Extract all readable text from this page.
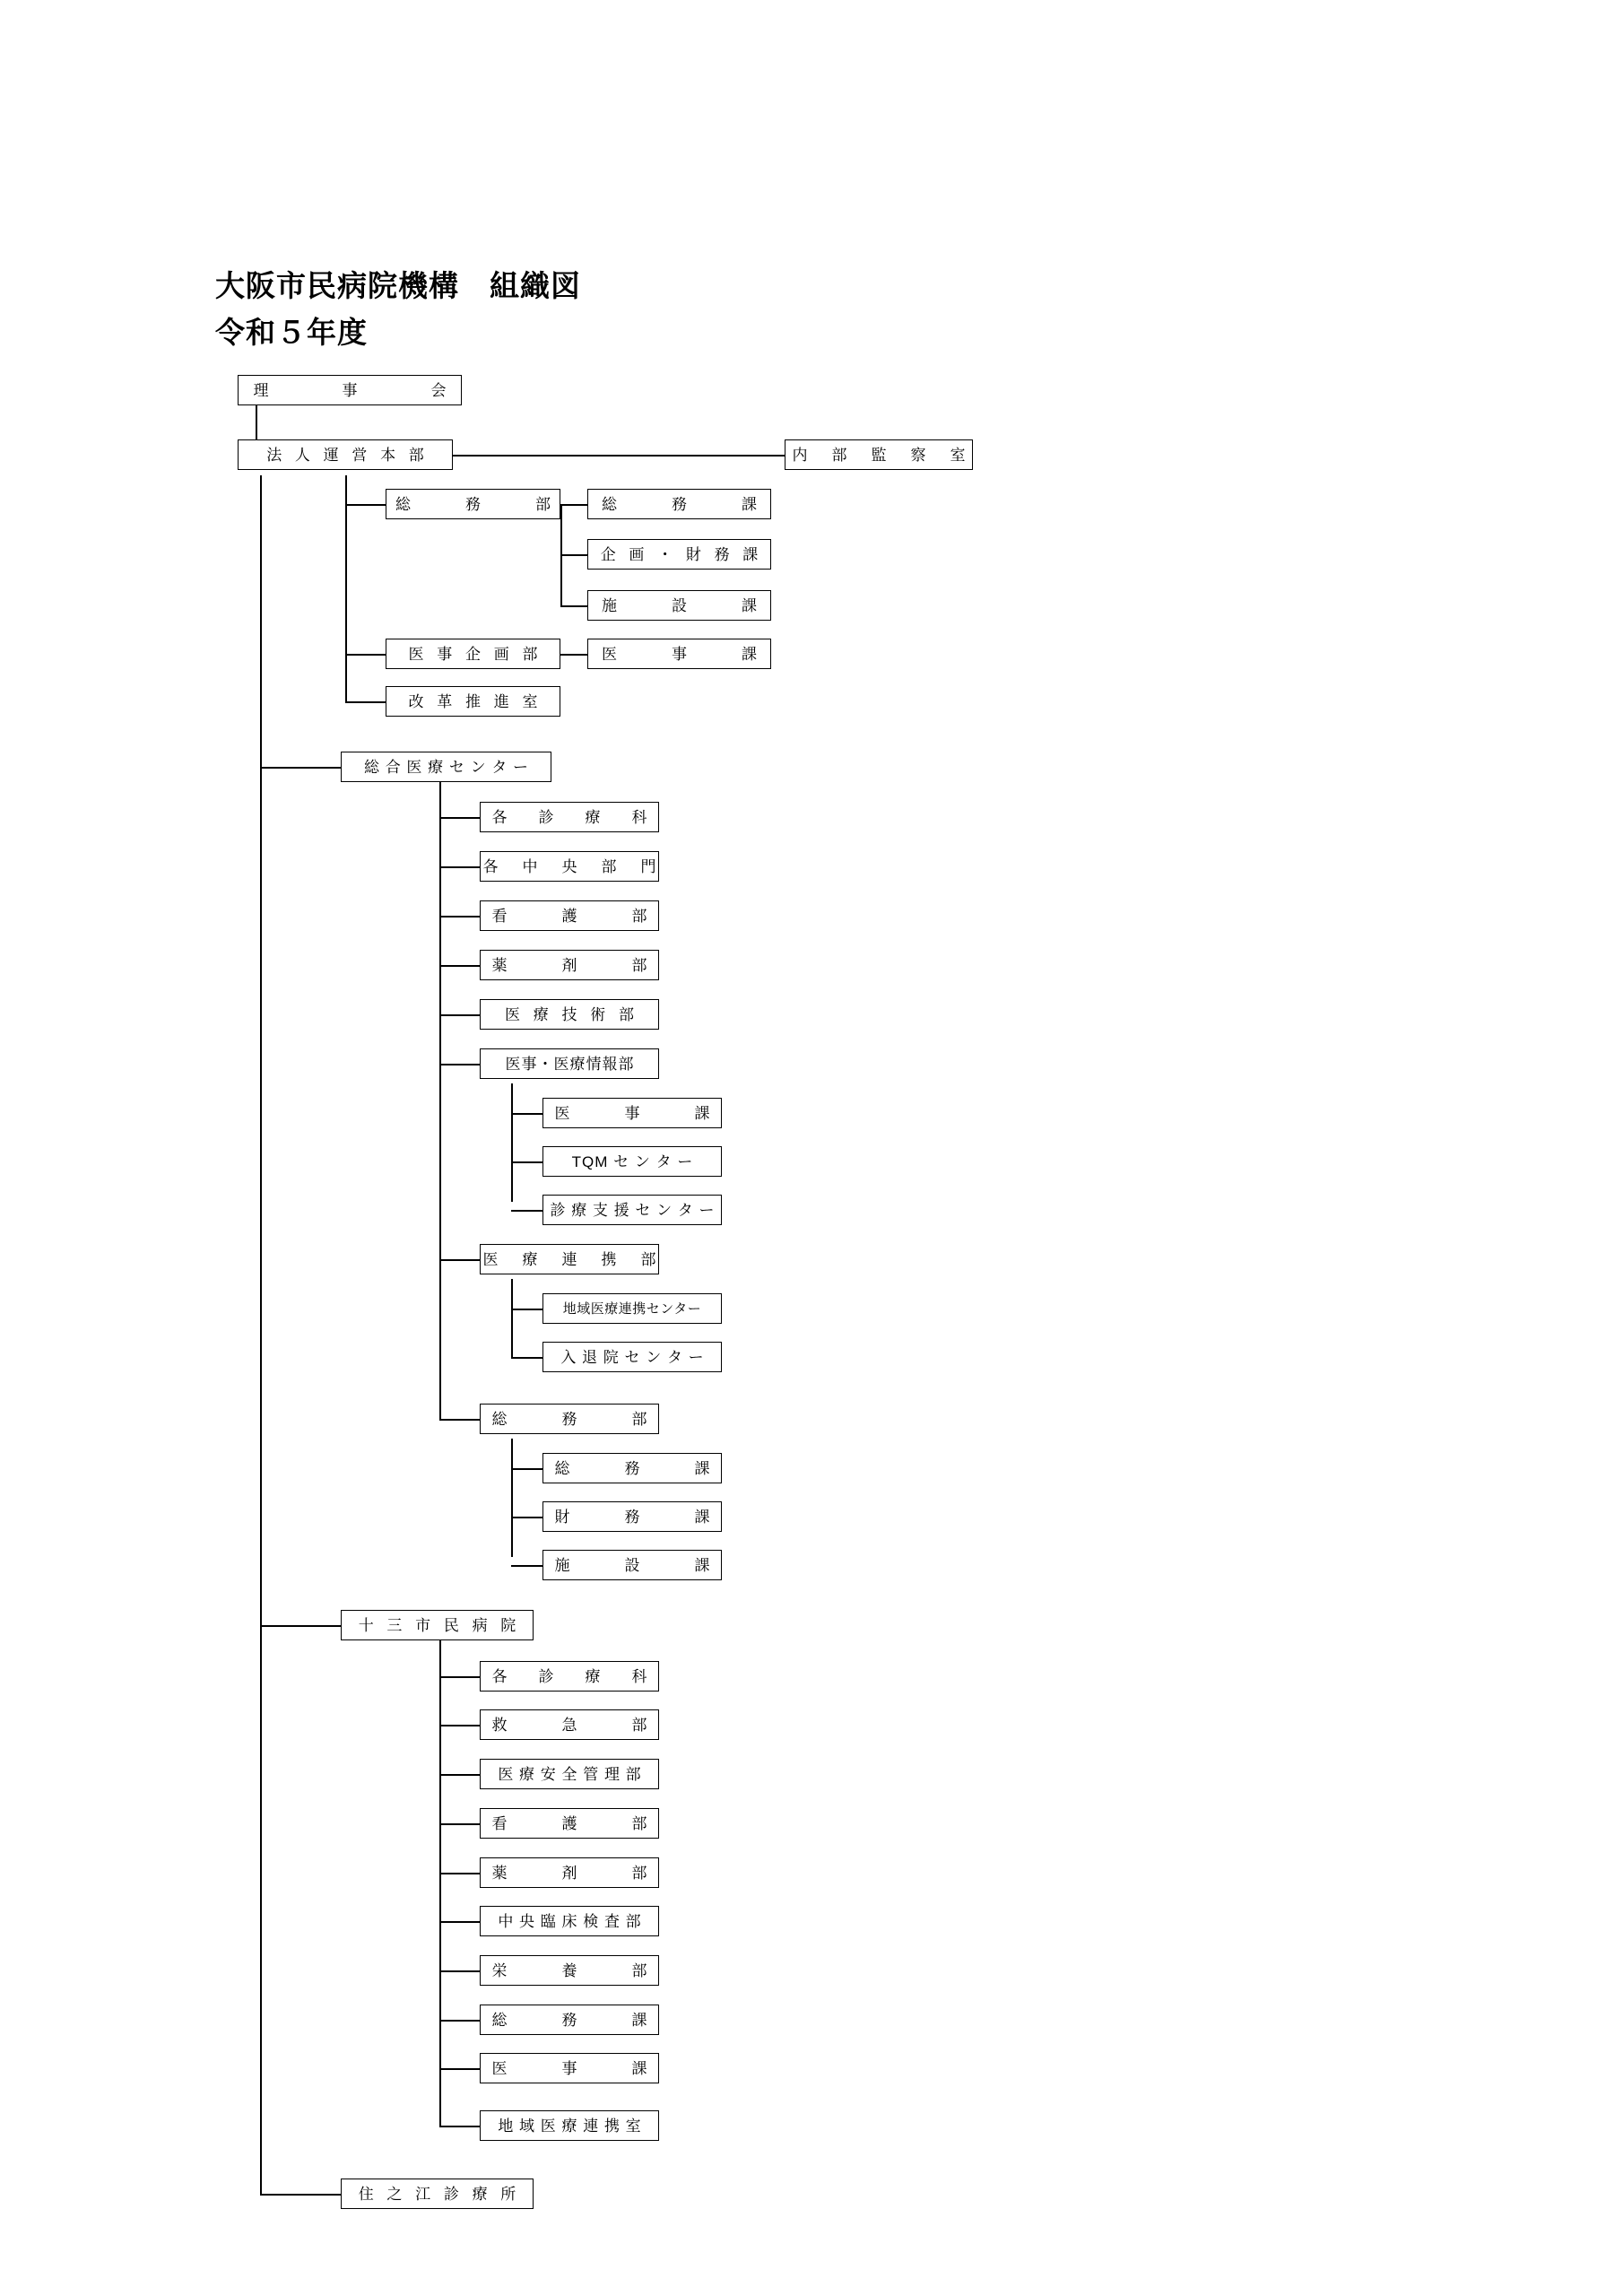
大阪市民病院機構　組織図
令和５年度
理　　事　　会
法 人 運 営 本 部	内　部　監　察　室
総　　務　　部	総　　務　　課
企 画 ・ 財 務 課
施　　設　　課
医 事 企 画 部	医　　事　　課
改 革 推 進 室
総 合 医 療 セ ン タ ー
各　診　療　科
各　中　央　部　門
看　　護　　部
薬　　剤　　部
医 療 技 術 部
医事・医療情報部
医　　事　　課
TQM セ ン タ ー
診 療 支 援 セ ン タ ー
医　療　連　携　部
地域医療連携センター
入 退 院 セ ン タ ー
総　　務　　部
総　　務　　課
財　　務　　課
施　　設　　課
十 三 市 民 病 院
各　診　療　科
救　　急　　部
医 療 安 全 管 理 部
看　　護　　部
薬　　剤　　部
中 央 臨 床 検 査 部
栄　　養　　部
総　　務　　課
医　　事　　課
地 域 医 療 連 携 室
住 之 江 診 療 所
